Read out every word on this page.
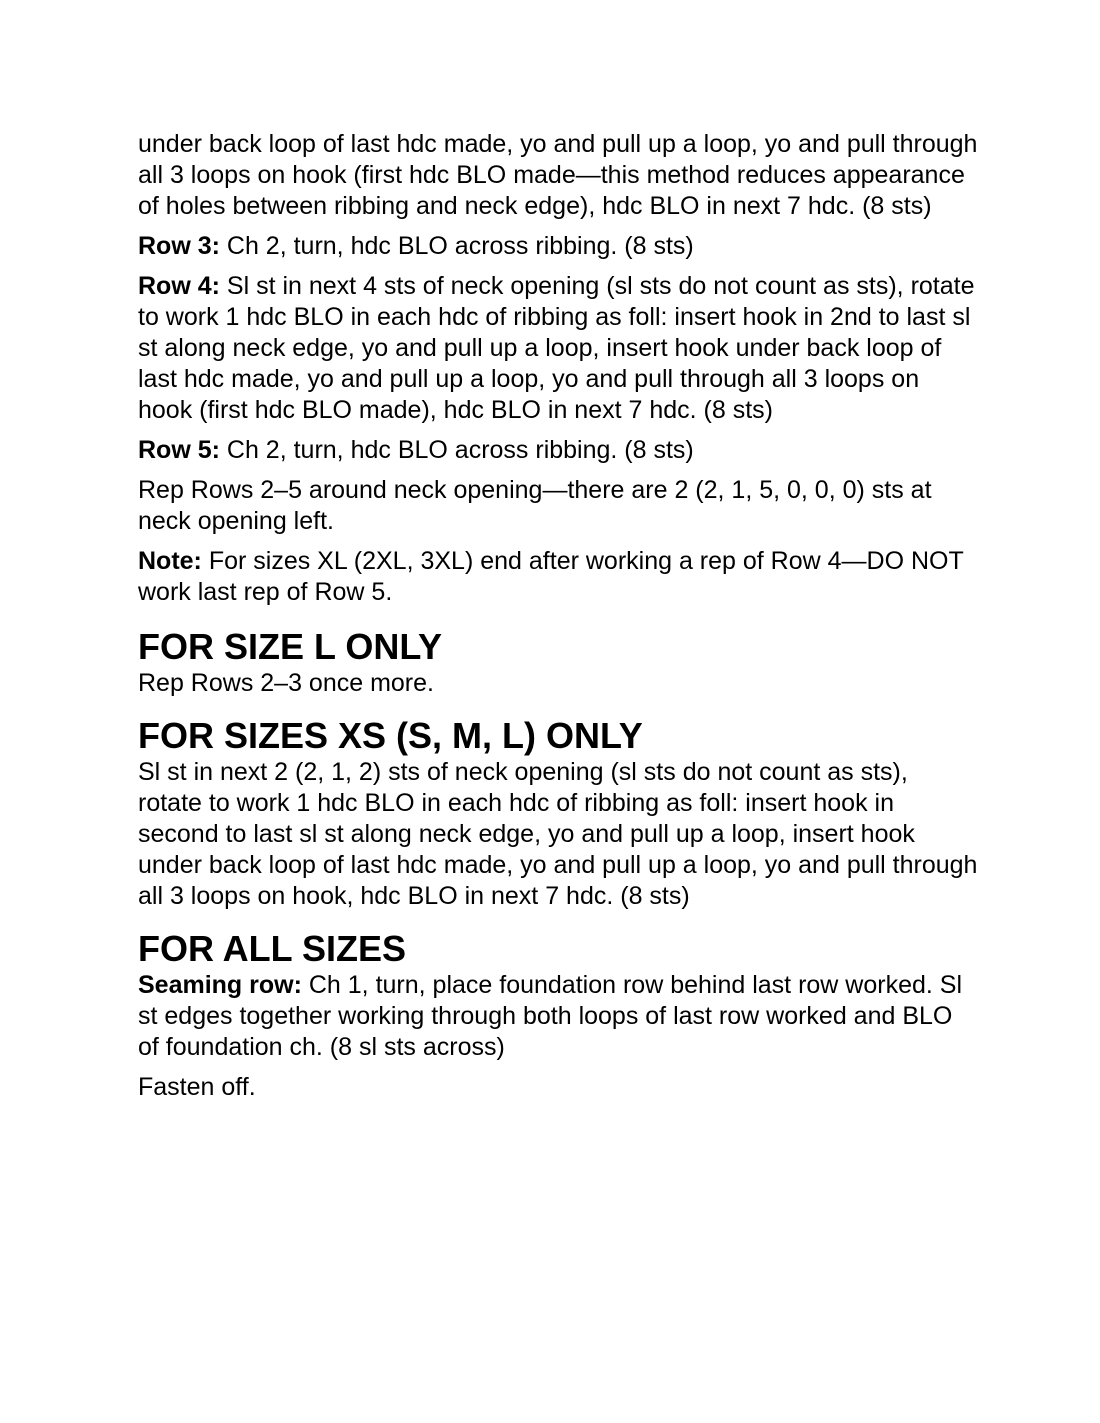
under back loop of last hdc made, yo and pull up a loop, yo and pull through all 3 loops on hook (first hdc BLO made—this method reduces appearance of holes between ribbing and neck edge), hdc BLO in next 7 hdc. (8 sts)

Row 3: Ch 2, turn, hdc BLO across ribbing. (8 sts)

Row 4: Sl st in next 4 sts of neck opening (sl sts do not count as sts), rotate to work 1 hdc BLO in each hdc of ribbing as foll: insert hook in 2nd to last sl st along neck edge, yo and pull up a loop, insert hook under back loop of last hdc made, yo and pull up a loop, yo and pull through all 3 loops on hook (first hdc BLO made), hdc BLO in next 7 hdc. (8 sts)

Row 5: Ch 2, turn, hdc BLO across ribbing. (8 sts)

Rep Rows 2–5 around neck opening—there are 2 (2, 1, 5, 0, 0, 0) sts at neck opening left.

Note: For sizes XL (2XL, 3XL) end after working a rep of Row 4—DO NOT work last rep of Row 5.

FOR SIZE L ONLY

Rep Rows 2–3 once more.

FOR SIZES XS (S, M, L) ONLY

Sl st in next 2 (2, 1, 2) sts of neck opening (sl sts do not count as sts), rotate to work 1 hdc BLO in each hdc of ribbing as foll: insert hook in second to last sl st along neck edge, yo and pull up a loop, insert hook under back loop of last hdc made, yo and pull up a loop, yo and pull through all 3 loops on hook, hdc BLO in next 7 hdc. (8 sts)

FOR ALL SIZES

Seaming row: Ch 1, turn, place foundation row behind last row worked. Sl st edges together working through both loops of last row worked and BLO of foundation ch. (8 sl sts across)

Fasten off.
